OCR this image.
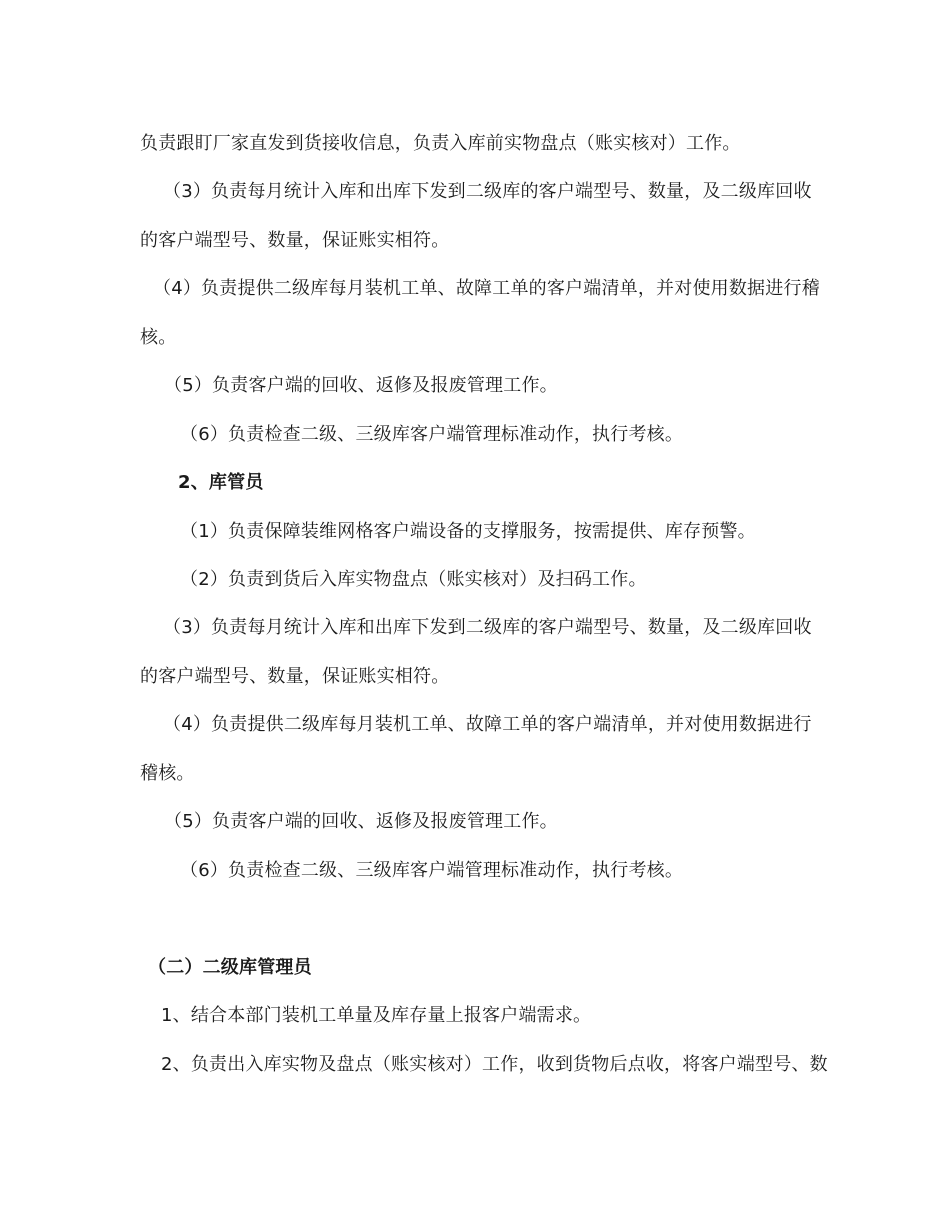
负责跟盯厂家直发到货接收信息，负责入库前实物盘点（账实核对）工作。
（3）负责每月统计入库和出库下发到二级库的客户端型号、数量，及二级库回收
的客户端型号、数量，保证账实相符。
（4）负责提供二级库每月装机工单、故障工单的客户端清单，并对使用数据进行稽
核。
（5）负责客户端的回收、返修及报废管理工作。
（6）负责检查二级、三级库客户端管理标准动作，执行考核。
2、库管员
（1）负责保障装维网格客户端设备的支撑服务，按需提供、库存预警。
（2）负责到货后入库实物盘点（账实核对）及扫码工作。
（3）负责每月统计入库和出库下发到二级库的客户端型号、数量，及二级库回收
的客户端型号、数量，保证账实相符。
（4）负责提供二级库每月装机工单、故障工单的客户端清单，并对使用数据进行
稽核。
（5）负责客户端的回收、返修及报废管理工作。
（6）负责检查二级、三级库客户端管理标准动作，执行考核。
（二）二级库管理员
1、结合本部门装机工单量及库存量上报客户端需求。
2、负责出入库实物及盘点（账实核对）工作，收到货物后点收，将客户端型号、数
